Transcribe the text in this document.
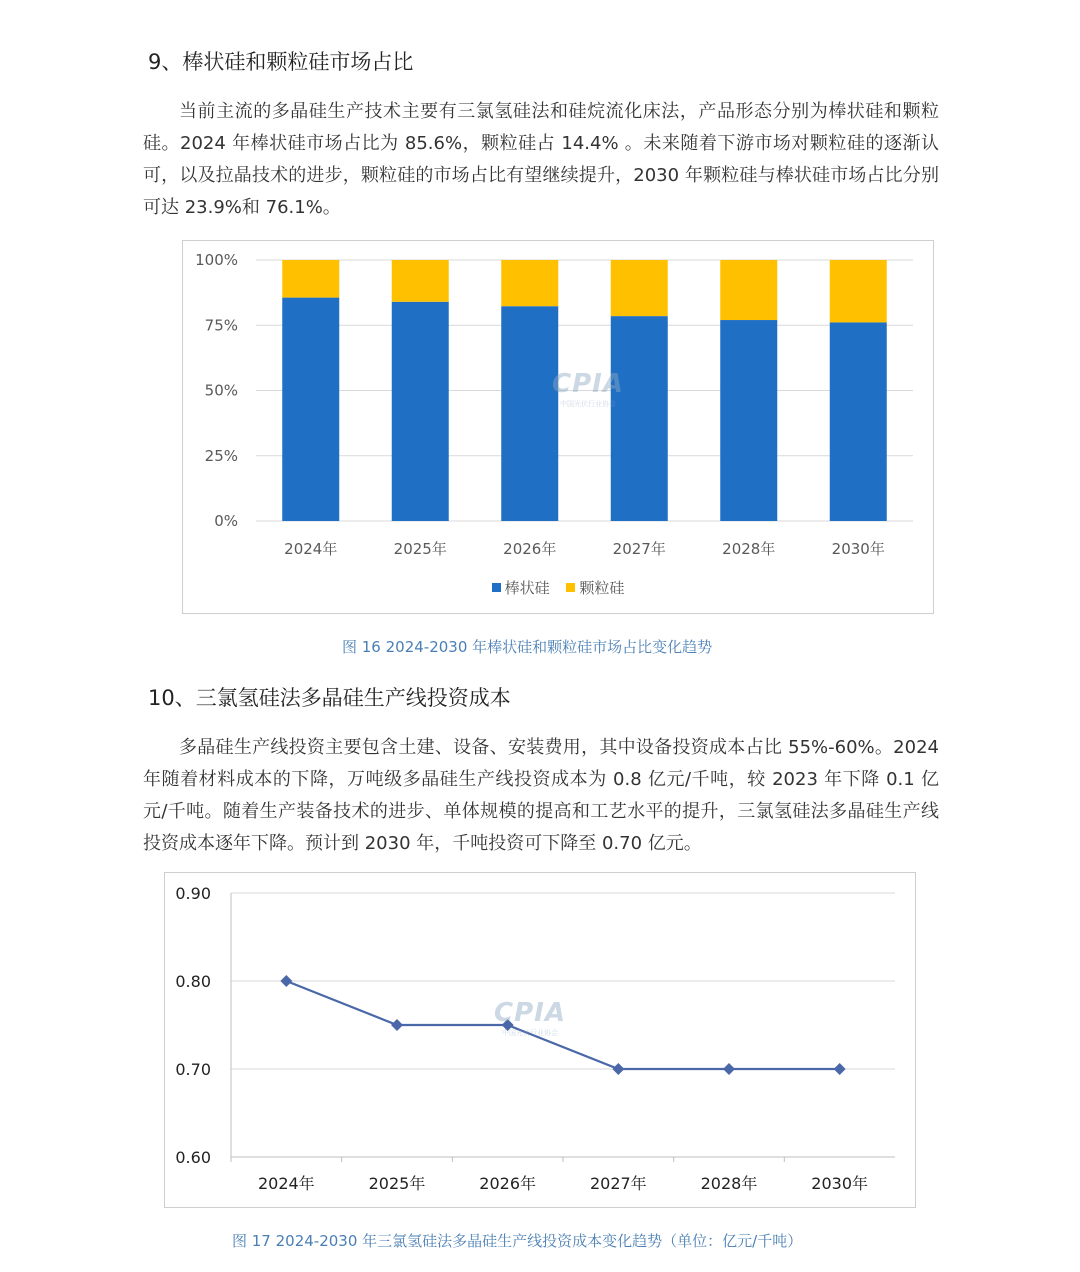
9、棒状硅和颗粒硅市场占比

当前主流的多晶硅生产技术主要有三氯氢硅法和硅烷流化床法，产品形态分别为棒状硅和颗粒硅。2024 年棒状硅市场占比为 85.6%，颗粒硅占 14.4% 。未来随着下游市场对颗粒硅的逐渐认可，以及拉晶技术的进步，颗粒硅的市场占比有望继续提升，2030 年颗粒硅与棒状硅市场占比分别可达 23.9%和 76.1%。

0%
25%
50%
75%
100%
2024年	2025年	2026年	2027年	2028年	2030年
CPIA
中国光伏行业协会
棒状硅 颗粒硅
图 16 2024-2030 年棒状硅和颗粒硅市场占比变化趋势
10、三氯氢硅法多晶硅生产线投资成本

多晶硅生产线投资主要包含土建、设备、安装费用，其中设备投资成本占比 55%-60%。2024 年随着材料成本的下降，万吨级多晶硅生产线投资成本为 0.8 亿元/千吨，较 2023 年下降 0.1 亿元/千吨。随着生产装备技术的进步、单体规模的提高和工艺水平的提升，三氯氢硅法多晶硅生产线投资成本逐年下降。预计到 2030 年，千吨投资可下降至 0.70 亿元。

0.60
0.70
0.80
0.90
2024年	2025年	2026年	2027年	2028年	2030年
CPIA
中国光伏行业协会
图 17 2024-2030 年三氯氢硅法多晶硅生产线投资成本变化趋势（单位：亿元/千吨）
